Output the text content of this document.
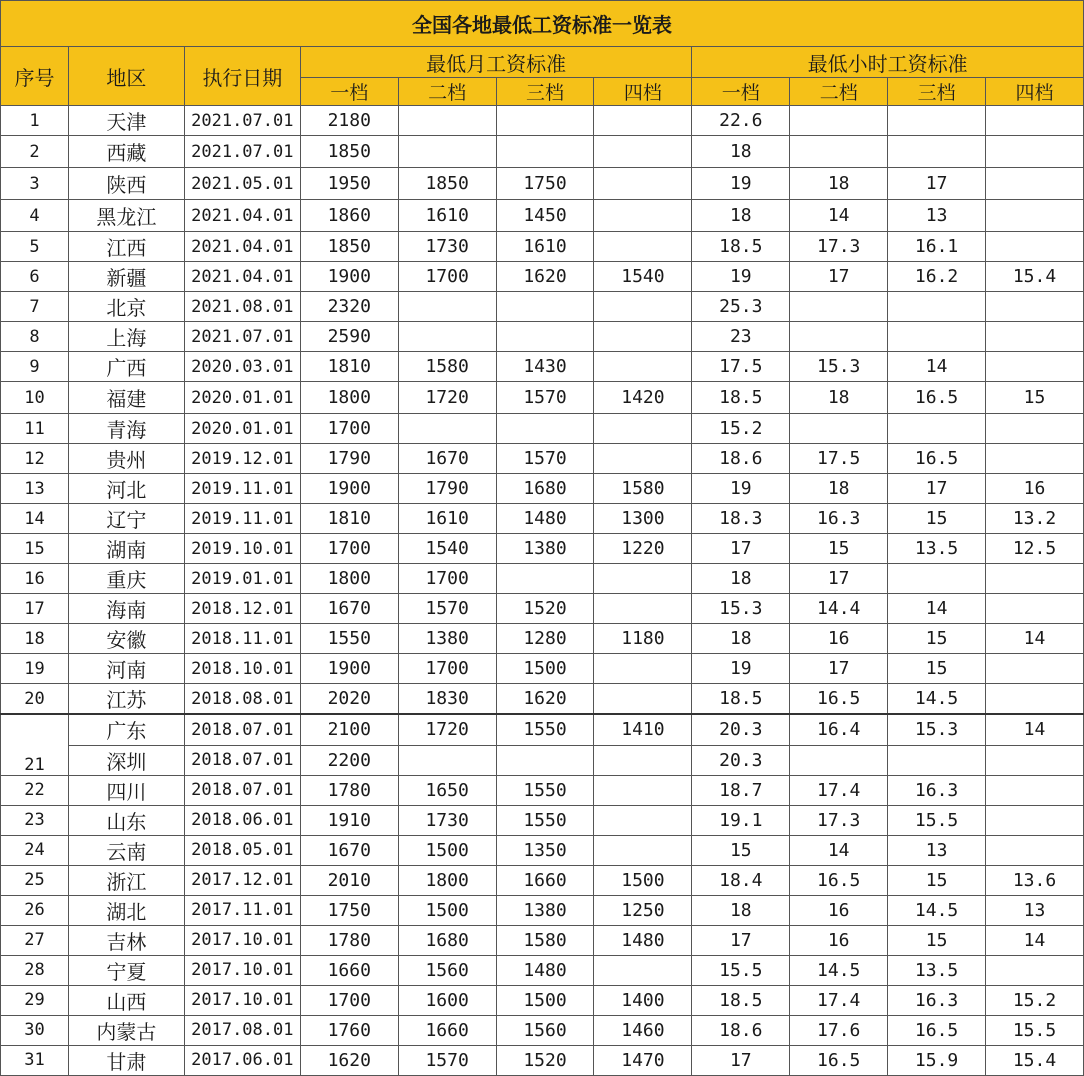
全国各地最低工资标准一览表										
序号	地区	执行日期	最低月工资标准				最低小时工资标准			
			一档	二档	三档	四档	一档	二档	三档	四档
1	天津	2021.07.01	2180				22.6			
2	西藏	2021.07.01	1850				18			
3	陕西	2021.05.01	1950	1850	1750		19	18	17	
4	黑龙江	2021.04.01	1860	1610	1450		18	14	13	
5	江西	2021.04.01	1850	1730	1610		18.5	17.3	16.1	
6	新疆	2021.04.01	1900	1700	1620	1540	19	17	16.2	15.4
7	北京	2021.08.01	2320				25.3			
8	上海	2021.07.01	2590				23			
9	广西	2020.03.01	1810	1580	1430		17.5	15.3	14	
10	福建	2020.01.01	1800	1720	1570	1420	18.5	18	16.5	15
11	青海	2020.01.01	1700				15.2			
12	贵州	2019.12.01	1790	1670	1570		18.6	17.5	16.5	
13	河北	2019.11.01	1900	1790	1680	1580	19	18	17	16
14	辽宁	2019.11.01	1810	1610	1480	1300	18.3	16.3	15	13.2
15	湖南	2019.10.01	1700	1540	1380	1220	17	15	13.5	12.5
16	重庆	2019.01.01	1800	1700			18	17		
17	海南	2018.12.01	1670	1570	1520		15.3	14.4	14	
18	安徽	2018.11.01	1550	1380	1280	1180	18	16	15	14
19	河南	2018.10.01	1900	1700	1500		19	17	15	
20	江苏	2018.08.01	2020	1830	1620		18.5	16.5	14.5	
21	广东	2018.07.01	2100	1720	1550	1410	20.3	16.4	15.3	14
	深圳	2018.07.01	2200				20.3			
22	四川	2018.07.01	1780	1650	1550		18.7	17.4	16.3	
23	山东	2018.06.01	1910	1730	1550		19.1	17.3	15.5	
24	云南	2018.05.01	1670	1500	1350		15	14	13	
25	浙江	2017.12.01	2010	1800	1660	1500	18.4	16.5	15	13.6
26	湖北	2017.11.01	1750	1500	1380	1250	18	16	14.5	13
27	吉林	2017.10.01	1780	1680	1580	1480	17	16	15	14
28	宁夏	2017.10.01	1660	1560	1480		15.5	14.5	13.5	
29	山西	2017.10.01	1700	1600	1500	1400	18.5	17.4	16.3	15.2
30	内蒙古	2017.08.01	1760	1660	1560	1460	18.6	17.6	16.5	15.5
31	甘肃	2017.06.01	1620	1570	1520	1470	17	16.5	15.9	15.4
